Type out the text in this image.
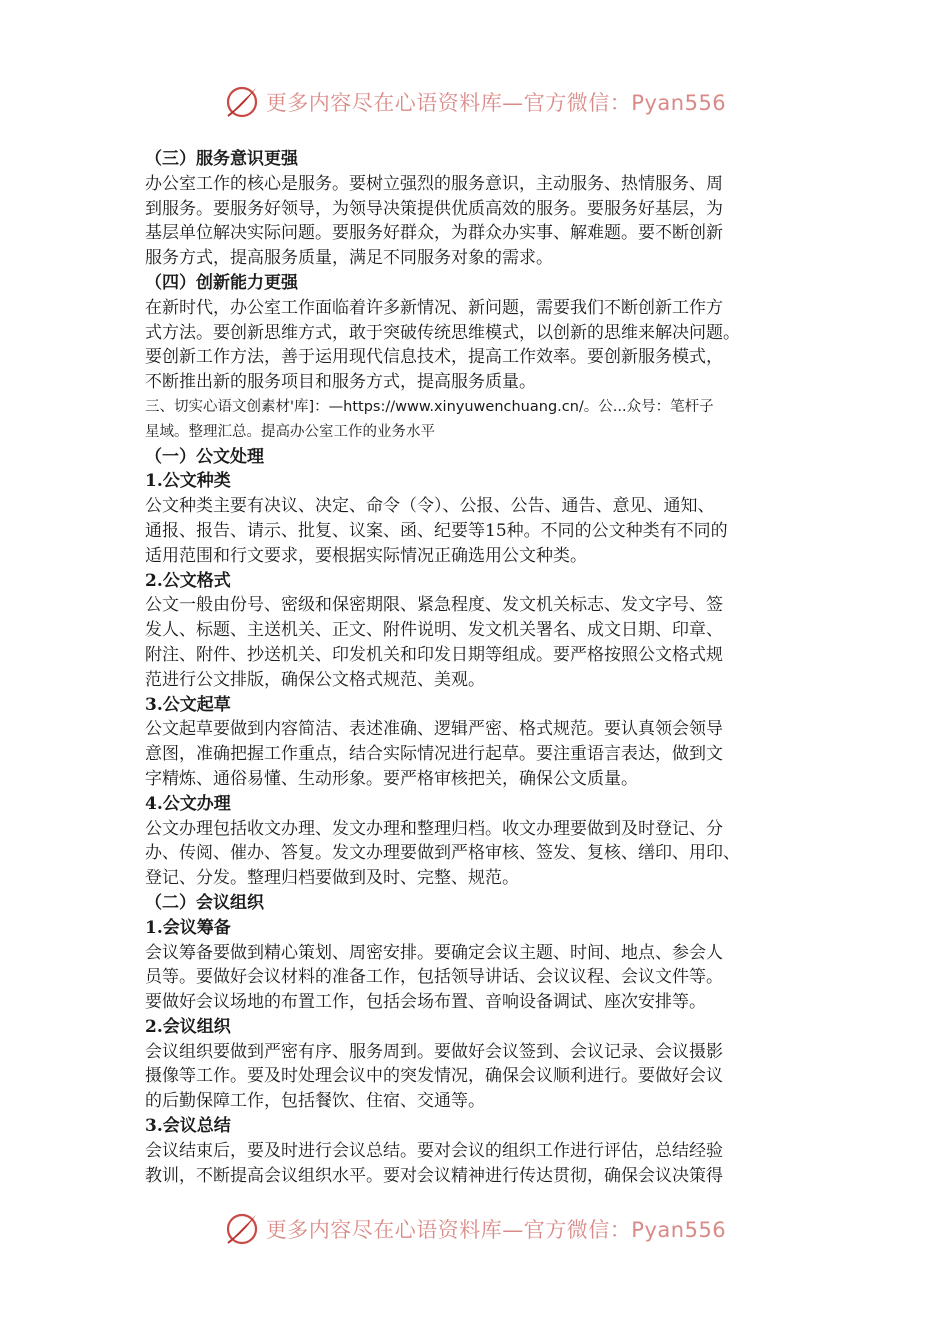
更多内容尽在心语资料库—官方微信：Pyan556
（三）服务意识更强
办公室工作的核心是服务。要树立强烈的服务意识，主动服务、热情服务、周
到服务。要服务好领导，为领导决策提供优质高效的服务。要服务好基层，为
基层单位解决实际问题。要服务好群众，为群众办实事、解难题。要不断创新
服务方式，提高服务质量，满足不同服务对象的需求。
（四）创新能力更强
在新时代，办公室工作面临着许多新情况、新问题，需要我们不断创新工作方
式方法。要创新思维方式，敢于突破传统思维模式，以创新的思维来解决问题。
要创新工作方法，善于运用现代信息技术，提高工作效率。要创新服务模式，
不断推出新的服务项目和服务方式，提高服务质量。
三、切实心语文创素材'库]：—https://www.xinyuwenchuang.cn/。公...众号：笔杆子
星域。整理汇总。提高办公室工作的业务水平
（一）公文处理
1.公文种类
公文种类主要有决议、决定、命令（令）、公报、公告、通告、意见、通知、
通报、报告、请示、批复、议案、函、纪要等15种。不同的公文种类有不同的
适用范围和行文要求，要根据实际情况正确选用公文种类。
2.公文格式
公文一般由份号、密级和保密期限、紧急程度、发文机关标志、发文字号、签
发人、标题、主送机关、正文、附件说明、发文机关署名、成文日期、印章、
附注、附件、抄送机关、印发机关和印发日期等组成。要严格按照公文格式规
范进行公文排版，确保公文格式规范、美观。
3.公文起草
公文起草要做到内容简洁、表述准确、逻辑严密、格式规范。要认真领会领导
意图，准确把握工作重点，结合实际情况进行起草。要注重语言表达，做到文
字精炼、通俗易懂、生动形象。要严格审核把关，确保公文质量。
4.公文办理
公文办理包括收文办理、发文办理和整理归档。收文办理要做到及时登记、分
办、传阅、催办、答复。发文办理要做到严格审核、签发、复核、缮印、用印、
登记、分发。整理归档要做到及时、完整、规范。
（二）会议组织
1.会议筹备
会议筹备要做到精心策划、周密安排。要确定会议主题、时间、地点、参会人
员等。要做好会议材料的准备工作，包括领导讲话、会议议程、会议文件等。
要做好会议场地的布置工作，包括会场布置、音响设备调试、座次安排等。
2.会议组织
会议组织要做到严密有序、服务周到。要做好会议签到、会议记录、会议摄影
摄像等工作。要及时处理会议中的突发情况，确保会议顺利进行。要做好会议
的后勤保障工作，包括餐饮、住宿、交通等。
3.会议总结
会议结束后，要及时进行会议总结。要对会议的组织工作进行评估，总结经验
教训，不断提高会议组织水平。要对会议精神进行传达贯彻，确保会议决策得
更多内容尽在心语资料库—官方微信：Pyan556
